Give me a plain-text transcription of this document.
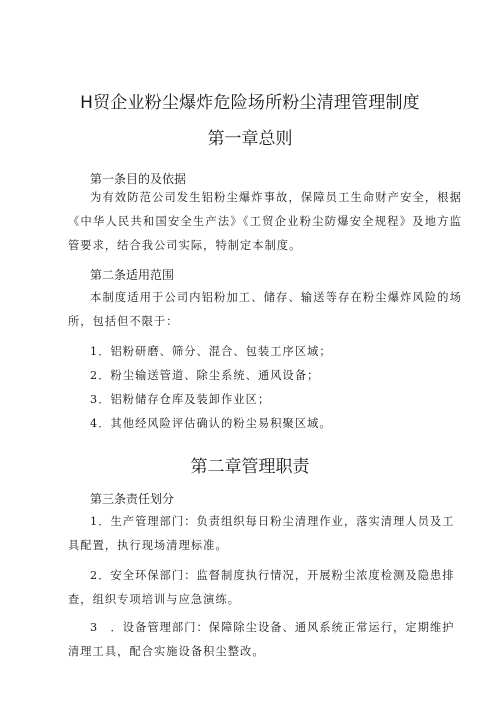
H贸企业粉尘爆炸危险场所粉尘清理管理制度
第一章总则
第一条目的及依据
为有效防范公司发生铝粉尘爆炸事故，保障员工生命财产安全，根据《中华人民共和国安全生产法》《工贸企业粉尘防爆安全规程》及地方监管要求，结合我公司实际，特制定本制度。
第二条适用范围
本制度适用于公司内铝粉加工、储存、输送等存在粉尘爆炸风险的场所，包括但不限于：
1．铝粉研磨、筛分、混合、包装工序区域；
2．粉尘输送管道、除尘系统、通风设备；
3．铝粉储存仓库及装卸作业区；
4．其他经风险评估确认的粉尘易积聚区域。
第二章管理职责
第三条责任划分
1．生产管理部门：负责组织每日粉尘清理作业，落实清理人员及工具配置，执行现场清理标准。
2．安全环保部门：监督制度执行情况，开展粉尘浓度检测及隐患排查，组织专项培训与应急演练。
3　．设备管理部门：保障除尘设备、通风系统正常运行，定期维护清理工具，配合实施设备积尘整改。
